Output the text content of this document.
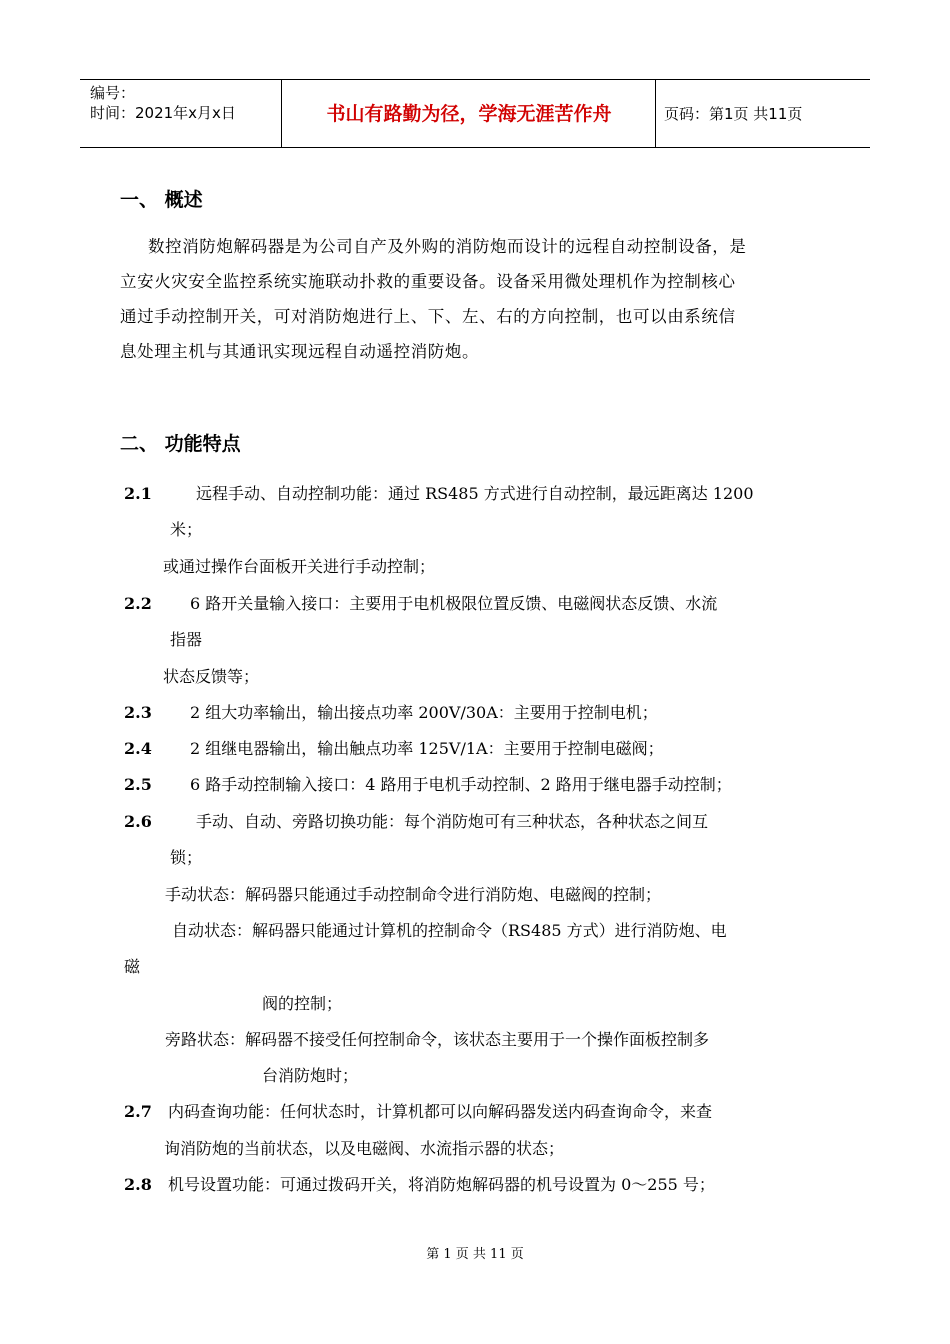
编号：
时间：2021年x月x日	书山有路勤为径，学海无涯苦作舟	页码：第1页 共11页
一、 概述

数控消防炮解码器是为公司自产及外购的消防炮而设计的远程自动控制设备，是

立安火灾安全监控系统实施联动扑救的重要设备。设备采用微处理机作为控制核心

通过手动控制开关，可对消防炮进行上、下、左、右的方向控制，也可以由系统信

息处理主机与其通讯实现远程自动遥控消防炮。

二、 功能特点
2.1	远程手动、自动控制功能：通过 RS485 方式进行自动控制，最远距离达 1200
米；
或通过操作台面板开关进行手动控制；
2.2 6 路开关量输入接口：主要用于电机极限位置反馈、电磁阀状态反馈、水流
指器
状态反馈等；
2.3 2 组大功率输出，输出接点功率 200V/30A：主要用于控制电机；
2.4 2 组继电器输出，输出触点功率 125V/1A：主要用于控制电磁阀；
2.5 6 路手动控制输入接口：4 路用于电机手动控制、2 路用于继电器手动控制；
2.6	手动、自动、旁路切换功能：每个消防炮可有三种状态，各种状态之间互
锁；
手动状态：解码器只能通过手动控制命令进行消防炮、电磁阀的控制；
自动状态：解码器只能通过计算机的控制命令（RS485 方式）进行消防炮、电
磁
阀的控制；
旁路状态：解码器不接受任何控制命令，该状态主要用于一个操作面板控制多
台消防炮时；
2.7 内码查询功能：任何状态时，计算机都可以向解码器发送内码查询命令，来查
询消防炮的当前状态，以及电磁阀、水流指示器的状态；
2.8 机号设置功能：可通过拨码开关，将消防炮解码器的机号设置为 0～255 号；
第 1 页 共 11 页
